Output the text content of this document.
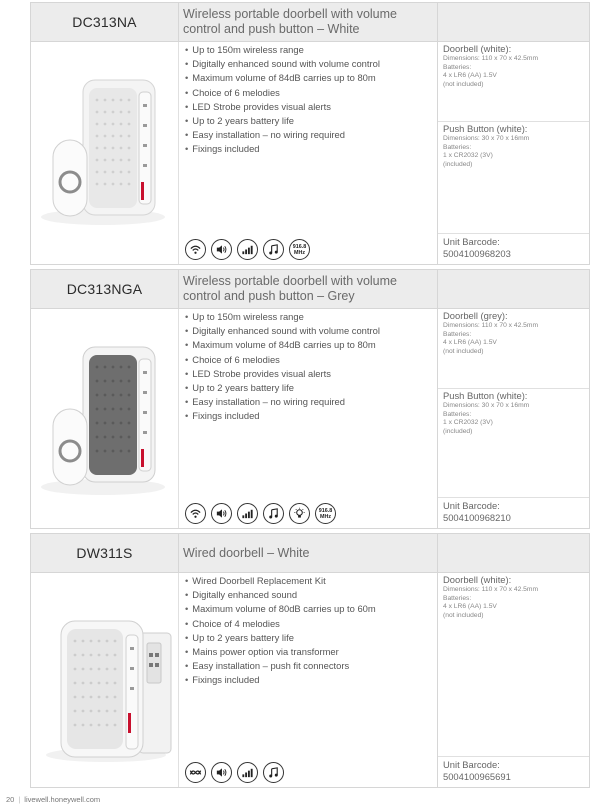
DC313NA	Wireless portable doorbell with volume control and push button – White
• Up to 150m wireless range
• Digitally enhanced sound with volume control
• Maximum volume of 84dB carries up to 80m
• Choice of 6 melodies
• LED Strobe provides visual alerts
• Up to 2 years battery life
• Easy installation – no wiring required
• Fixings included
916.8
MHz
Doorbell (white):
Dimensions: 110 x 70 x 42.5mm
Batteries:
4 x LR6 (AA) 1.5V
(not included)
Push Button (white):
Dimensions: 30 x 70 x 16mm
Batteries:
1 x CR2032 (3V)
(included)
Unit Barcode:
5004100968203
DC313NGA	Wireless portable doorbell with volume control and push button – Grey
• Up to 150m wireless range
• Digitally enhanced sound with volume control
• Maximum volume of 84dB carries up to 80m
• Choice of 6 melodies
• LED Strobe provides visual alerts
• Up to 2 years battery life
• Easy installation – no wiring required
• Fixings included
916.8
MHz
Doorbell (grey):
Dimensions: 110 x 70 x 42.5mm
Batteries:
4 x LR6 (AA) 1.5V
(not included)
Push Button (white):
Dimensions: 30 x 70 x 16mm
Batteries:
1 x CR2032 (3V)
(included)
Unit Barcode:
5004100968210
DW311S	Wired doorbell – White
• Wired Doorbell Replacement Kit
• Digitally enhanced sound
• Maximum volume of 80dB carries up to 60m
• Choice of 4 melodies
• Up to 2 years battery life
• Mains power option via transformer
• Easy installation – push fit connectors
• Fixings included
Doorbell (white):
Dimensions: 110 x 70 x 42.5mm
Batteries:
4 x LR6 (AA) 1.5V
(not included)
Unit Barcode:
5004100965691
20 | livewell.honeywell.com
